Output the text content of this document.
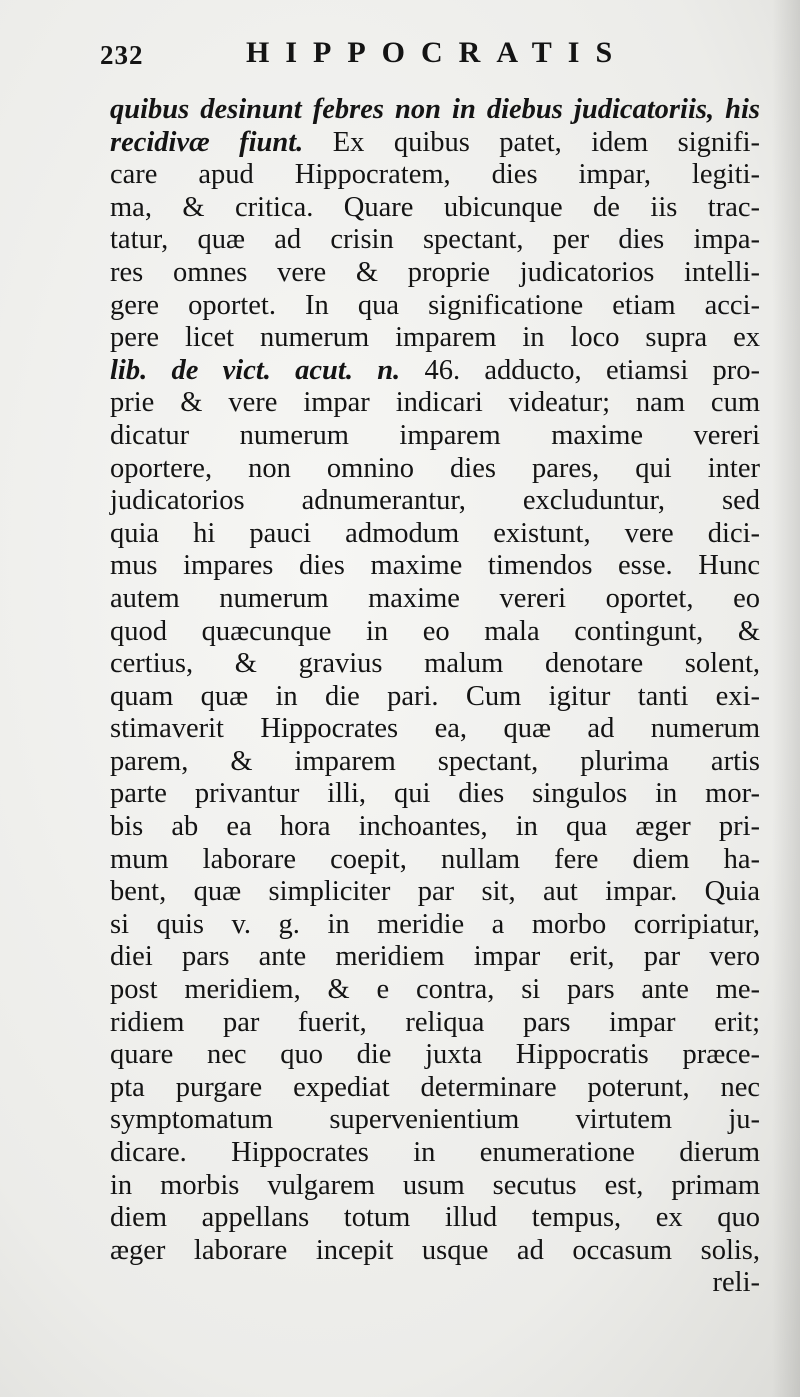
232	HIPPOCRATIS
quibus desinunt febres non in diebus judicatoriis, his
recidivæ fiunt. Ex quibus patet, idem signifi-
care apud Hippocratem, dies impar, legiti-
ma, & critica. Quare ubicunque de iis trac-
tatur, quæ ad crisin spectant, per dies impa-
res omnes vere & proprie judicatorios intelli-
gere oportet. In qua significatione etiam acci-
pere licet numerum imparem in loco supra ex
lib. de vict. acut. n. 46. adducto, etiamsi pro-
prie & vere impar indicari videatur; nam cum
dicatur numerum imparem maxime vereri
oportere, non omnino dies pares, qui inter
judicatorios adnumerantur, excluduntur, sed
quia hi pauci admodum existunt, vere dici-
mus impares dies maxime timendos esse. Hunc
autem numerum maxime vereri oportet, eo
quod quæcunque in eo mala contingunt, &
certius, & gravius malum denotare solent,
quam quæ in die pari. Cum igitur tanti exi-
stimaverit Hippocrates ea, quæ ad numerum
parem, & imparem spectant, plurima artis
parte privantur illi, qui dies singulos in mor-
bis ab ea hora inchoantes, in qua æger pri-
mum laborare coepit, nullam fere diem ha-
bent, quæ simpliciter par sit, aut impar. Quia
si quis v. g. in meridie a morbo corripiatur,
diei pars ante meridiem impar erit, par vero
post meridiem, & e contra, si pars ante me-
ridiem par fuerit, reliqua pars impar erit;
quare nec quo die juxta Hippocratis præce-
pta purgare expediat determinare poterunt, nec
symptomatum supervenientium virtutem ju-
dicare. Hippocrates in enumeratione dierum
in morbis vulgarem usum secutus est, primam
diem appellans totum illud tempus, ex quo
æger laborare incepit usque ad occasum solis,
reli-
